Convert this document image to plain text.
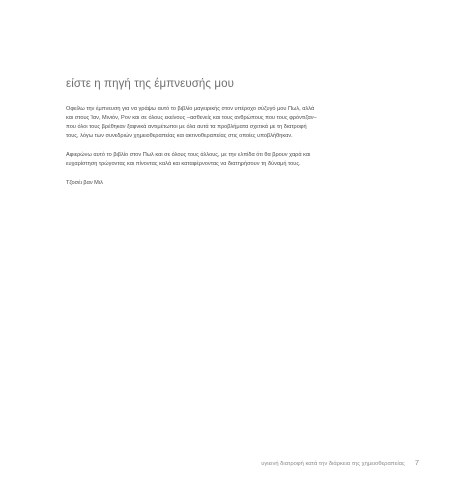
είστε η πηγή της έμπνευσής μου

Οφείλω την έμπνευση για να γράψω αυτό το βιβλίο μαγειρικής στον υπέροχο σύζυγό μου Πωλ, αλλά
και στους Ίαν, Μινιόν, Ρον και σε όλους εκείνους –ασθενείς και τους ανθρώπους που τους φρόντιζαν–
που όλοι τους βρέθηκαν ξαφνικά αντιμέτωποι με όλα αυτά τα προβλήματα σχετικά με τη διατροφή
τους, λόγω των συνεδριών χημειοθεραπείας και ακτινοθεραπείας στις οποίες υποβλήθηκαν.

Αφιερώνω αυτό το βιβλίο στον Πωλ και σε όλους τους άλλους, με την ελπίδα ότι θα βρουν χαρά και
ευχαρίστηση τρώγοντας και πίνοντας καλά και καταφέρνοντας να διατηρήσουν τη δύναμή τους.

Τζοσέι βαν Μιλ

υγιεινή διατροφή κατά την διάρκεια της χημειοθεραπείας 7
